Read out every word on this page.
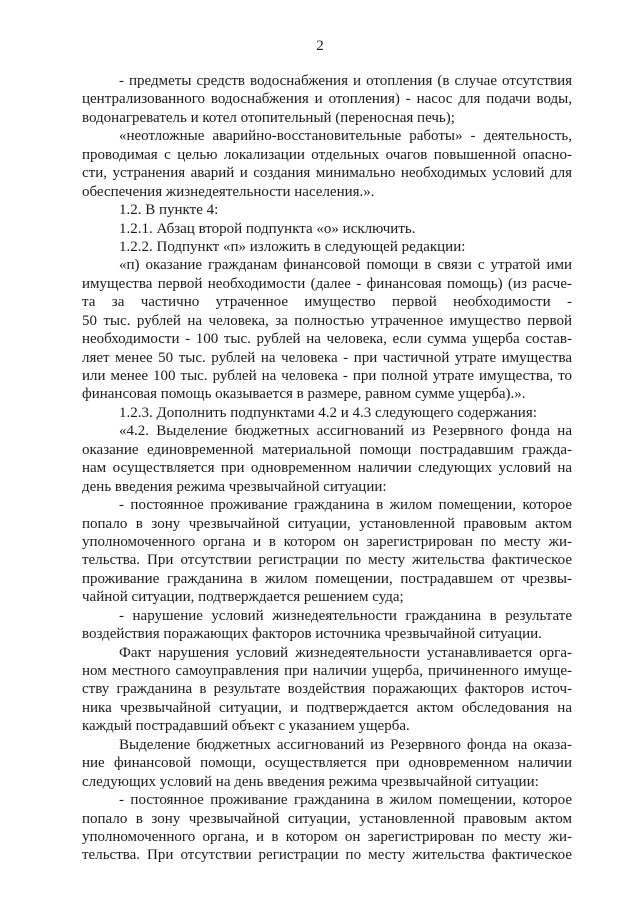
2
- предметы средств водоснабжения и отопления (в случае отсутствия
централизованного водоснабжения и отопления) - насос для подачи воды,
водонагреватель и котел отопительный (переносная печь);
«неотложные аварийно-восстановительные работы» - деятельность,
проводимая с целью локализации отдельных очагов повышенной опасно-
сти, устранения аварий и создания минимально необходимых условий для
обеспечения жизнедеятельности населения.».
1.2. В пункте 4:
1.2.1. Абзац второй подпункта «о» исключить.
1.2.2. Подпункт «п» изложить в следующей редакции:
«п) оказание гражданам финансовой помощи в связи с утратой ими
имущества первой необходимости (далее - финансовая помощь) (из расче-
та за частично утраченное имущество первой необходимости -
50 тыс. рублей на человека, за полностью утраченное имущество первой
необходимости - 100 тыс. рублей на человека, если сумма ущерба состав-
ляет менее 50 тыс. рублей на человека - при частичной утрате имущества
или менее 100 тыс. рублей на человека - при полной утрате имущества, то
финансовая помощь оказывается в размере, равном сумме ущерба).».
1.2.3. Дополнить подпунктами 4.2 и 4.3 следующего содержания:
«4.2. Выделение бюджетных ассигнований из Резервного фонда на
оказание единовременной материальной помощи пострадавшим гражда-
нам осуществляется при одновременном наличии следующих условий на
день введения режима чрезвычайной ситуации:
- постоянное проживание гражданина в жилом помещении, которое
попало в зону чрезвычайной ситуации, установленной правовым актом
уполномоченного органа и в котором он зарегистрирован по месту жи-
тельства. При отсутствии регистрации по месту жительства фактическое
проживание гражданина в жилом помещении, пострадавшем от чрезвы-
чайной ситуации, подтверждается решением суда;
- нарушение условий жизнедеятельности гражданина в результате
воздействия поражающих факторов источника чрезвычайной ситуации.
Факт нарушения условий жизнедеятельности устанавливается орга-
ном местного самоуправления при наличии ущерба, причиненного имуще-
ству гражданина в результате воздействия поражающих факторов источ-
ника чрезвычайной ситуации, и подтверждается актом обследования на
каждый пострадавший объект с указанием ущерба.
Выделение бюджетных ассигнований из Резервного фонда на оказа-
ние финансовой помощи, осуществляется при одновременном наличии
следующих условий на день введения режима чрезвычайной ситуации:
- постоянное проживание гражданина в жилом помещении, которое
попало в зону чрезвычайной ситуации, установленной правовым актом
уполномоченного органа, и в котором он зарегистрирован по месту жи-
тельства. При отсутствии регистрации по месту жительства фактическое
